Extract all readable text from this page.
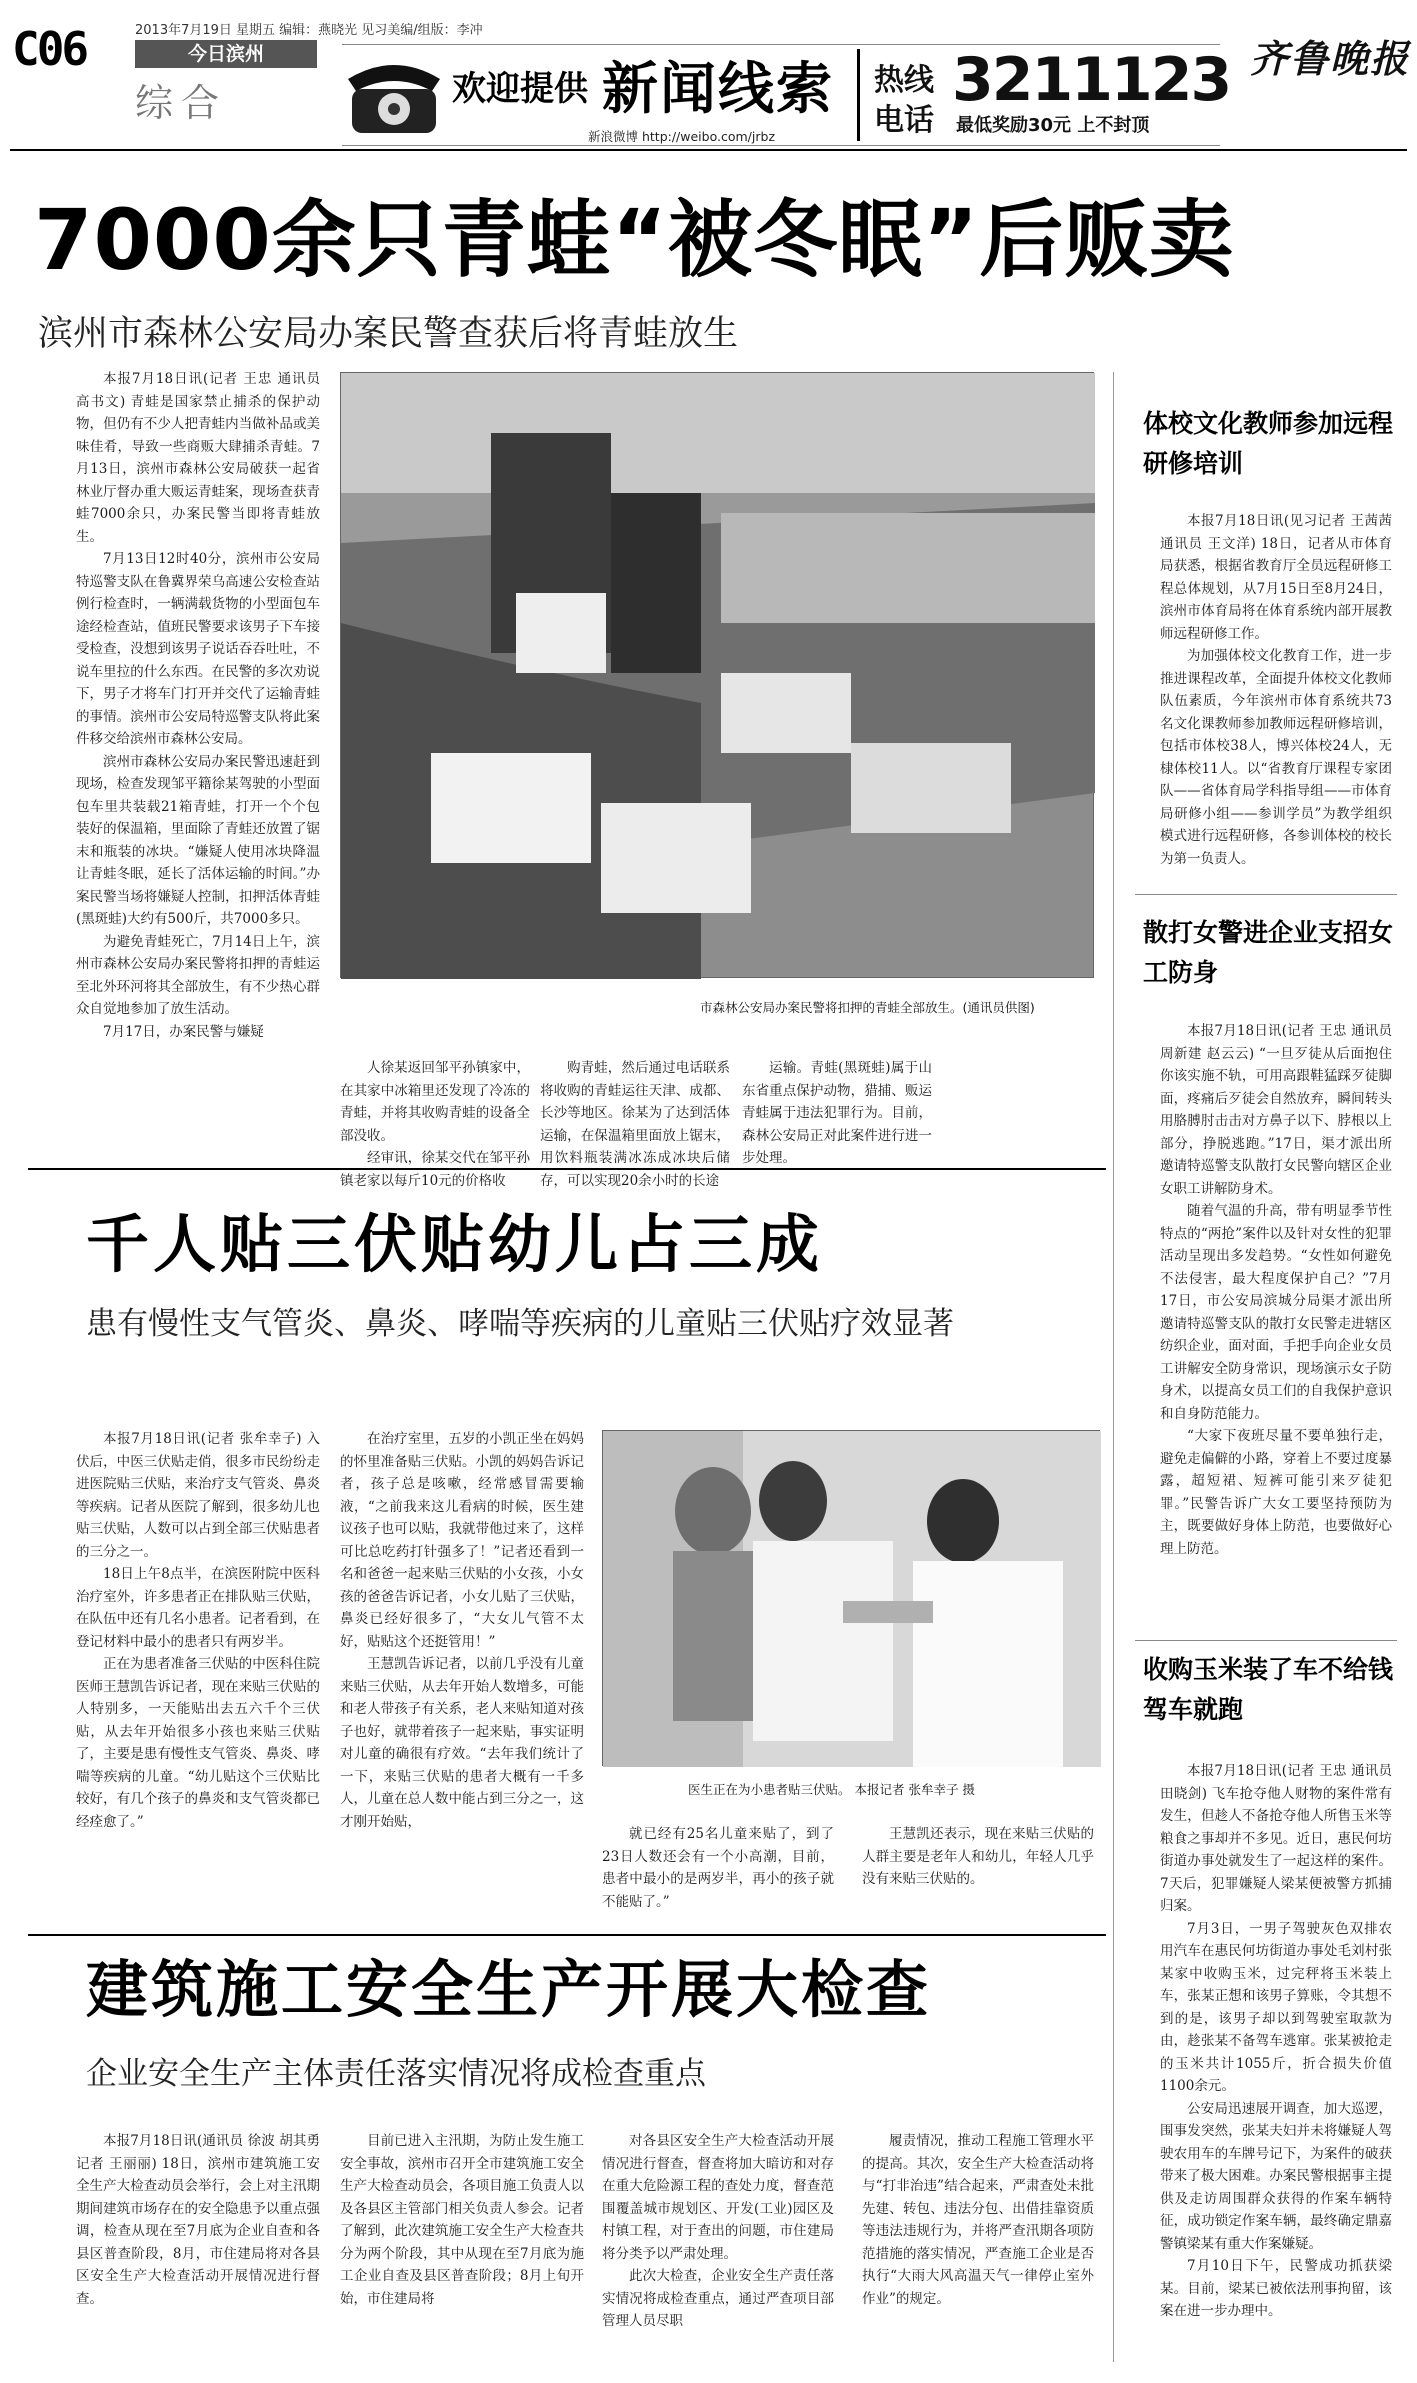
C06	2013年7月19日 星期五 编辑：燕晓光 见习美编/组版：李冲
今日滨州
综合	欢迎提供 新闻线索
新浪微博 http://weibo.com/jrbz
热线
电话
3211123
最低奖励30元 上不封顶
齐鲁晚报
7000余只青蛙“被冬眠”后贩卖
滨州市森林公安局办案民警查获后将青蛙放生

本报7月18日讯(记者 王忠 通讯员 高书文) 青蛙是国家禁止捕杀的保护动物，但仍有不少人把青蛙内当做补品或美味佳肴，导致一些商贩大肆捕杀青蛙。7月13日，滨州市森林公安局破获一起省林业厅督办重大贩运青蛙案，现场查获青蛙7000余只，办案民警当即将青蛙放生。

7月13日12时40分，滨州市公安局特巡警支队在鲁冀界荣乌高速公安检查站例行检查时，一辆满载货物的小型面包车途经检查站，值班民警要求该男子下车接受检查，没想到该男子说话吞吞吐吐，不说车里拉的什么东西。在民警的多次劝说下，男子才将车门打开并交代了运输青蛙的事情。滨州市公安局特巡警支队将此案件移交给滨州市森林公安局。

滨州市森林公安局办案民警迅速赶到现场，检查发现邹平籍徐某驾驶的小型面包车里共装载21箱青蛙，打开一个个包装好的保温箱，里面除了青蛙还放置了锯末和瓶装的冰块。“嫌疑人使用冰块降温让青蛙冬眠，延长了活体运输的时间。”办案民警当场将嫌疑人控制，扣押活体青蛙(黑斑蛙)大约有500斤，共7000多只。

为避免青蛙死亡，7月14日上午，滨州市森林公安局办案民警将扣押的青蛙运至北外环河将其全部放生，有不少热心群众自觉地参加了放生活动。

7月17日，办案民警与嫌疑

市森林公安局办案民警将扣押的青蛙全部放生。(通讯员供图)

人徐某返回邹平孙镇家中，在其家中冰箱里还发现了冷冻的青蛙，并将其收购青蛙的设备全部没收。

经审讯，徐某交代在邹平孙镇老家以每斤10元的价格收

购青蛙，然后通过电话联系将收购的青蛙运往天津、成都、长沙等地区。徐某为了达到活体运输，在保温箱里面放上锯末，用饮料瓶装满冰冻成冰块后储存，可以实现20余小时的长途

运输。青蛙(黑斑蛙)属于山东省重点保护动物，猎捕、贩运青蛙属于违法犯罪行为。目前，森林公安局正对此案件进行进一步处理。

千人贴三伏贴幼儿占三成
患有慢性支气管炎、鼻炎、哮喘等疾病的儿童贴三伏贴疗效显著

本报7月18日讯(记者 张牟幸子) 入伏后，中医三伏贴走俏，很多市民纷纷走进医院贴三伏贴，来治疗支气管炎、鼻炎等疾病。记者从医院了解到，很多幼儿也贴三伏贴，人数可以占到全部三伏贴患者的三分之一。

18日上午8点半，在滨医附院中医科治疗室外，许多患者正在排队贴三伏贴，在队伍中还有几名小患者。记者看到，在登记材料中最小的患者只有两岁半。

正在为患者准备三伏贴的中医科住院医师王慧凯告诉记者，现在来贴三伏贴的人特别多，一天能贴出去五六千个三伏贴，从去年开始很多小孩也来贴三伏贴了，主要是患有慢性支气管炎、鼻炎、哮喘等疾病的儿童。“幼儿贴这个三伏贴比较好，有几个孩子的鼻炎和支气管炎都已经痊愈了。”

在治疗室里，五岁的小凯正坐在妈妈的怀里准备贴三伏贴。小凯的妈妈告诉记者，孩子总是咳嗽，经常感冒需要输液，“之前我来这儿看病的时候，医生建议孩子也可以贴，我就带他过来了，这样可比总吃药打针强多了！”记者还看到一名和爸爸一起来贴三伏贴的小女孩，小女孩的爸爸告诉记者，小女儿贴了三伏贴，鼻炎已经好很多了，“大女儿气管不太好，贴贴这个还挺管用！”

王慧凯告诉记者，以前几乎没有儿童来贴三伏贴，从去年开始人数增多，可能和老人带孩子有关系，老人来贴知道对孩子也好，就带着孩子一起来贴，事实证明对儿童的确很有疗效。“去年我们统计了一下，来贴三伏贴的患者大概有一千多人，儿童在总人数中能占到三分之一，这才刚开始贴，

医生正在为小患者贴三伏贴。 本报记者 张牟幸子 摄

就已经有25名儿童来贴了，到了23日人数还会有一个小高潮，目前，患者中最小的是两岁半，再小的孩子就不能贴了。”

王慧凯还表示，现在来贴三伏贴的人群主要是老年人和幼儿，年轻人几乎没有来贴三伏贴的。

建筑施工安全生产开展大检查
企业安全生产主体责任落实情况将成检查重点

本报7月18日讯(通讯员 徐波 胡其勇 记者 王丽丽) 18日，滨州市建筑施工安全生产大检查动员会举行，会上对主汛期期间建筑市场存在的安全隐患予以重点强调，检查从现在至7月底为企业自查和各县区普查阶段，8月，市住建局将对各县区安全生产大检查活动开展情况进行督查。

目前已进入主汛期，为防止发生施工安全事故，滨州市召开全市建筑施工安全生产大检查动员会，各项目施工负责人以及各县区主管部门相关负责人参会。记者了解到，此次建筑施工安全生产大检查共分为两个阶段，其中从现在至7月底为施工企业自查及县区普查阶段；8月上旬开始，市住建局将

对各县区安全生产大检查活动开展情况进行督查，督查将加大暗访和对存在重大危险源工程的查处力度，督查范围覆盖城市规划区、开发(工业)园区及村镇工程，对于查出的问题，市住建局将分类予以严肃处理。

此次大检查，企业安全生产责任落实情况将成检查重点，通过严查项目部管理人员尽职

履责情况，推动工程施工管理水平的提高。其次，安全生产大检查活动将与“打非治违”结合起来，严肃查处未批先建、转包、违法分包、出借挂靠资质等违法违规行为，并将严查汛期各项防范措施的落实情况，严查施工企业是否执行“大雨大风高温天气一律停止室外作业”的规定。

体校文化教师参加远程研修培训

本报7月18日讯(见习记者 王茜茜 通讯员 王文洋) 18日，记者从市体育局获悉，根据省教育厅全员远程研修工程总体规划，从7月15日至8月24日，滨州市体育局将在体育系统内部开展教师远程研修工作。

为加强体校文化教育工作，进一步推进课程改革，全面提升体校文化教师队伍素质，今年滨州市体育系统共73名文化课教师参加教师远程研修培训，包括市体校38人，博兴体校24人，无棣体校11人。以“省教育厅课程专家团队——省体育局学科指导组——市体育局研修小组——参训学员”为教学组织模式进行远程研修，各参训体校的校长为第一负责人。

散打女警进企业支招女工防身

本报7月18日讯(记者 王忠 通讯员 周新建 赵云云) “一旦歹徒从后面抱住你该实施不轨，可用高跟鞋猛踩歹徒脚面，疼痛后歹徒会自然放弃，瞬间转头用胳膊肘击击对方鼻子以下、脖根以上部分，挣脱逃跑。”17日，渠才派出所邀请特巡警支队散打女民警向辖区企业女职工讲解防身术。

随着气温的升高，带有明显季节性特点的“两抢”案件以及针对女性的犯罪活动呈现出多发趋势。“女性如何避免不法侵害，最大程度保护自己？”7月17日，市公安局滨城分局渠才派出所邀请特巡警支队的散打女民警走进辖区纺织企业，面对面，手把手向企业女员工讲解安全防身常识，现场演示女子防身术，以提高女员工们的自我保护意识和自身防范能力。

“大家下夜班尽量不要单独行走，避免走偏僻的小路，穿着上不要过度暴露，超短裙、短裤可能引来歹徒犯罪。”民警告诉广大女工要坚持预防为主，既要做好身体上防范，也要做好心理上防范。

收购玉米装了车不给钱驾车就跑

本报7月18日讯(记者 王忠 通讯员 田晓剑) 飞车抢夺他人财物的案件常有发生，但趁人不备抢夺他人所售玉米等粮食之事却并不多见。近日，惠民何坊街道办事处就发生了一起这样的案件。7天后，犯罪嫌疑人梁某便被警方抓捕归案。

7月3日，一男子驾驶灰色双排农用汽车在惠民何坊街道办事处毛刘村张某家中收购玉米，过完秤将玉米装上车，张某正想和该男子算账，令其想不到的是，该男子却以到驾驶室取款为由，趁张某不备驾车逃窜。张某被抢走的玉米共计1055斤，折合损失价值1100余元。

公安局迅速展开调查，加大巡逻，围事发突然，张某夫妇并未将嫌疑人驾驶农用车的车牌号记下，为案件的破获带来了极大困难。办案民警根据事主提供及走访周围群众获得的作案车辆特征，成功锁定作案车辆，最终确定鼎嘉警镇梁某有重大作案嫌疑。

7月10日下午，民警成功抓获梁某。目前，梁某已被依法刑事拘留，该案在进一步办理中。
